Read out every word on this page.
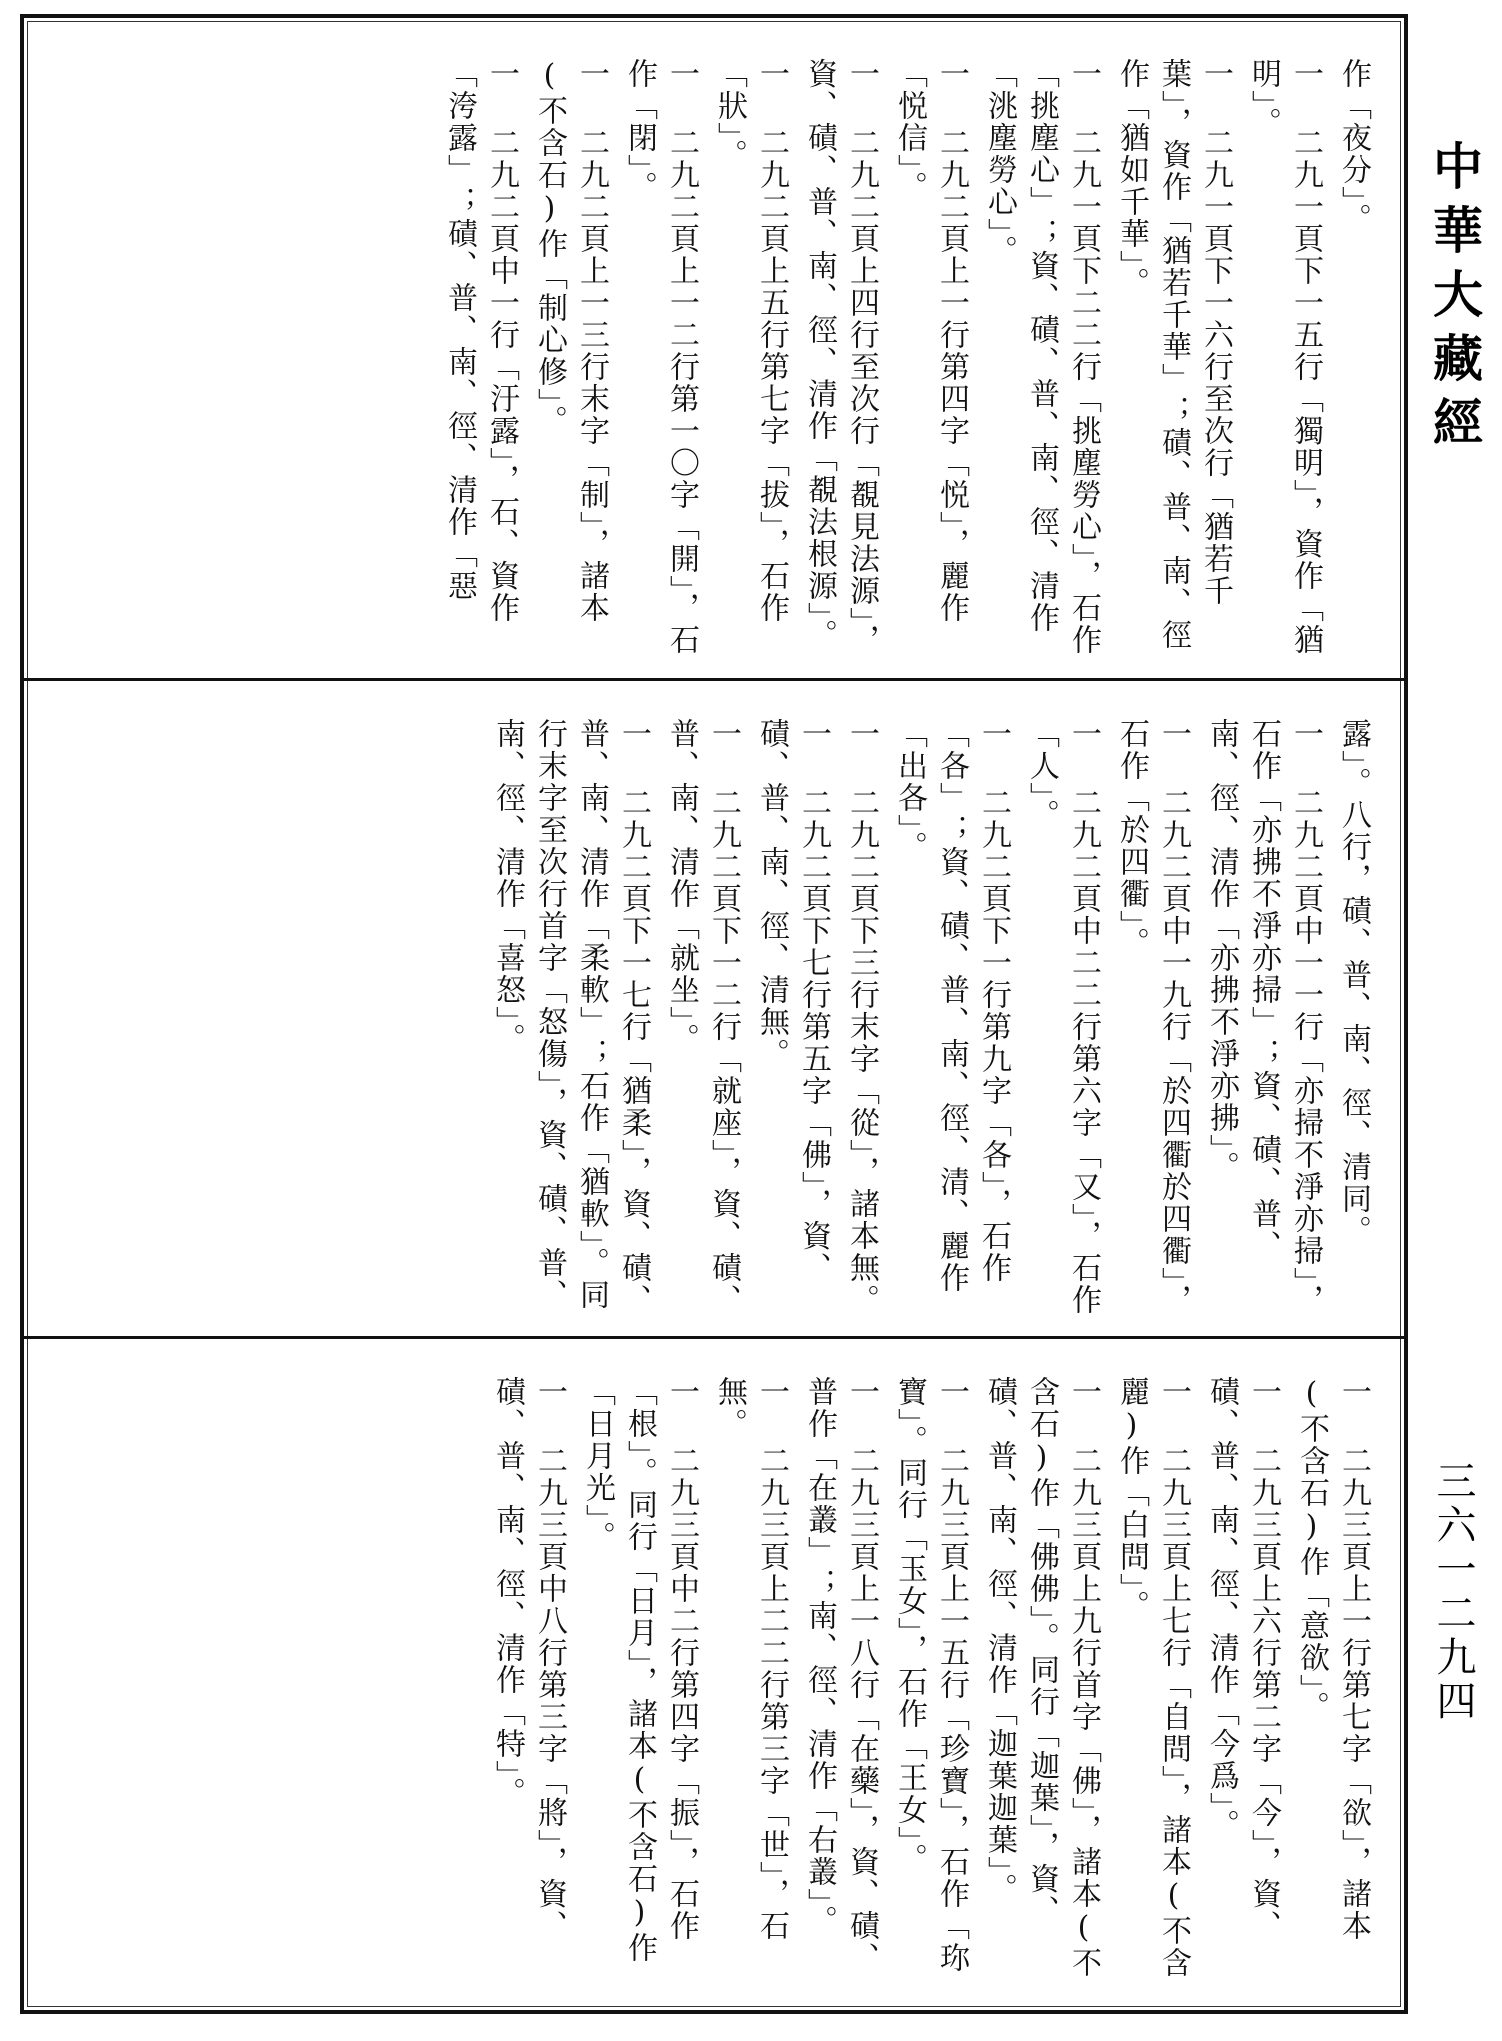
中華大藏經
三六一二九四
作「夜分」。
一 二九一頁下一五行「獨明」，資作「猶明」。
一 二九一頁下一六行至次行「猶若千葉」，資作「猶若千華」；磧、普、南、徑作「猶如千華」。
一 二九一頁下二二行「挑塵勞心」，石作「挑塵心」；資、磧、普、南、徑、清作「洮塵勞心」。
一 二九二頁上一行第四字「悦」，麗作「悦信」。
一 二九二頁上四行至次行「覩見法源」，資、磧、普、南、徑、清作「覩法根源」。
一 二九二頁上五行第七字「拔」，石作「狀」。
一 二九二頁上一二行第一〇字「開」，石作「閉」。
一 二九二頁上一三行末字「制」，諸本(不含石)作「制心修」。
一 二九二頁中一行「汙露」，石、資作「洿露」；磧、普、南、徑、清作「惡
露」。八行，磧、普、南、徑、清同。
一 二九二頁中一一行「亦掃不淨亦掃」，石作「亦拂不淨亦掃」；資、磧、普、南、徑、清作「亦拂不淨亦拂」。
一 二九二頁中一九行「於四衢於四衢」，石作「於四衢」。
一 二九二頁中二二行第六字「又」，石作「人」。
一 二九二頁下一行第九字「各」，石作「各」；資、磧、普、南、徑、清、麗作「出各」。
一 二九二頁下三行末字「從」，諸本無。
一 二九二頁下七行第五字「佛」，資、磧、普、南、徑、清無。
一 二九二頁下一二行「就座」，資、磧、普、南、清作「就坐」。
一 二九二頁下一七行「猶柔」，資、磧、普、南、清作「柔軟」；石作「猶軟」。同行末字至次行首字「怒傷」，資、磧、普、南、徑、清作「喜怒」。
一 二九三頁上一行第七字「欲」，諸本(不含石)作「意欲」。
一 二九三頁上六行第二字「今」，資、磧、普、南、徑、清作「今爲」。
一 二九三頁上七行「自問」，諸本(不含麗)作「白問」。
一 二九三頁上九行首字「佛」，諸本(不含石)作「佛佛」。同行「迦葉」，資、磧、普、南、徑、清作「迦葉迦葉」。
一 二九三頁上一五行「珍寶」，石作「珎寶」。同行「玉女」，石作「王女」。
一 二九三頁上一八行「在藥」，資、磧、普作「在叢」；南、徑、清作「右叢」。
一 二九三頁上二二行第三字「世」，石無。
一 二九三頁中二行第四字「振」，石作「根」。同行「日月」，諸本(不含石)作「日月光」。
一 二九三頁中八行第三字「將」，資、磧、普、南、徑、清作「特」。
